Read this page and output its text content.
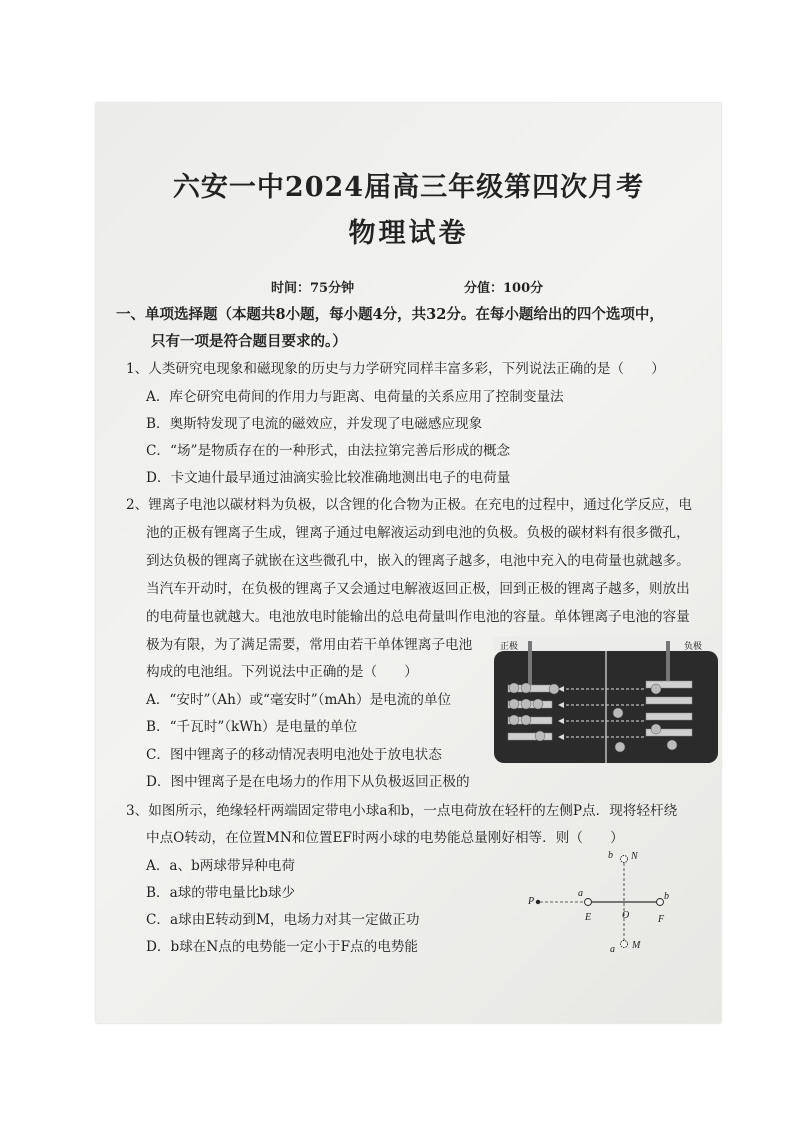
六安一中2024届高三年级第四次月考
物理试卷
时间：75分钟	分值：100分
一、单项选择题（本题共8小题，每小题4分，共32分。在每小题给出的四个选项中，
只有一项是符合题目要求的。）
1、人类研究电现象和磁现象的历史与力学研究同样丰富多彩，下列说法正确的是（　　）
A．库仑研究电荷间的作用力与距离、电荷量的关系应用了控制变量法
B．奥斯特发现了电流的磁效应，并发现了电磁感应现象
C．“场”是物质存在的一种形式，由法拉第完善后形成的概念
D．卡文迪什最早通过油滴实验比较准确地测出电子的电荷量
2、锂离子电池以碳材料为负极，以含锂的化合物为正极。在充电的过程中，通过化学反应，电
池的正极有锂离子生成，锂离子通过电解液运动到电池的负极。负极的碳材料有很多微孔，
到达负极的锂离子就嵌在这些微孔中，嵌入的锂离子越多，电池中充入的电荷量也就越多。
当汽车开动时，在负极的锂离子又会通过电解液返回正极，回到正极的锂离子越多，则放出
的电荷量也就越大。电池放电时能输出的总电荷量叫作电池的容量。单体锂离子电池的容量
极为有限，为了满足需要，常用由若干单体锂离子电池
构成的电池组。下列说法中正确的是（　　）
A．“安时”（Ah）或“毫安时”（mAh）是电流的单位
B．“千瓦时”（kWh）是电量的单位
C．图中锂离子的移动情况表明电池处于放电状态
D．图中锂离子是在电场力的作用下从负极返回正极的
正极	负极
3、如图所示，绝缘轻杆两端固定带电小球a和b，一点电荷放在轻杆的左侧P点．现将轻杆绕
中点O转动，在位置MN和位置EF时两小球的电势能总量刚好相等．则（　　）
A．a、b两球带异种电荷
B．a球的带电量比b球少
C．a球由E转动到M，电场力对其一定做正功
D．b球在N点的电势能一定小于F点的电势能
b N
P
a
E	O	F
b
a M
